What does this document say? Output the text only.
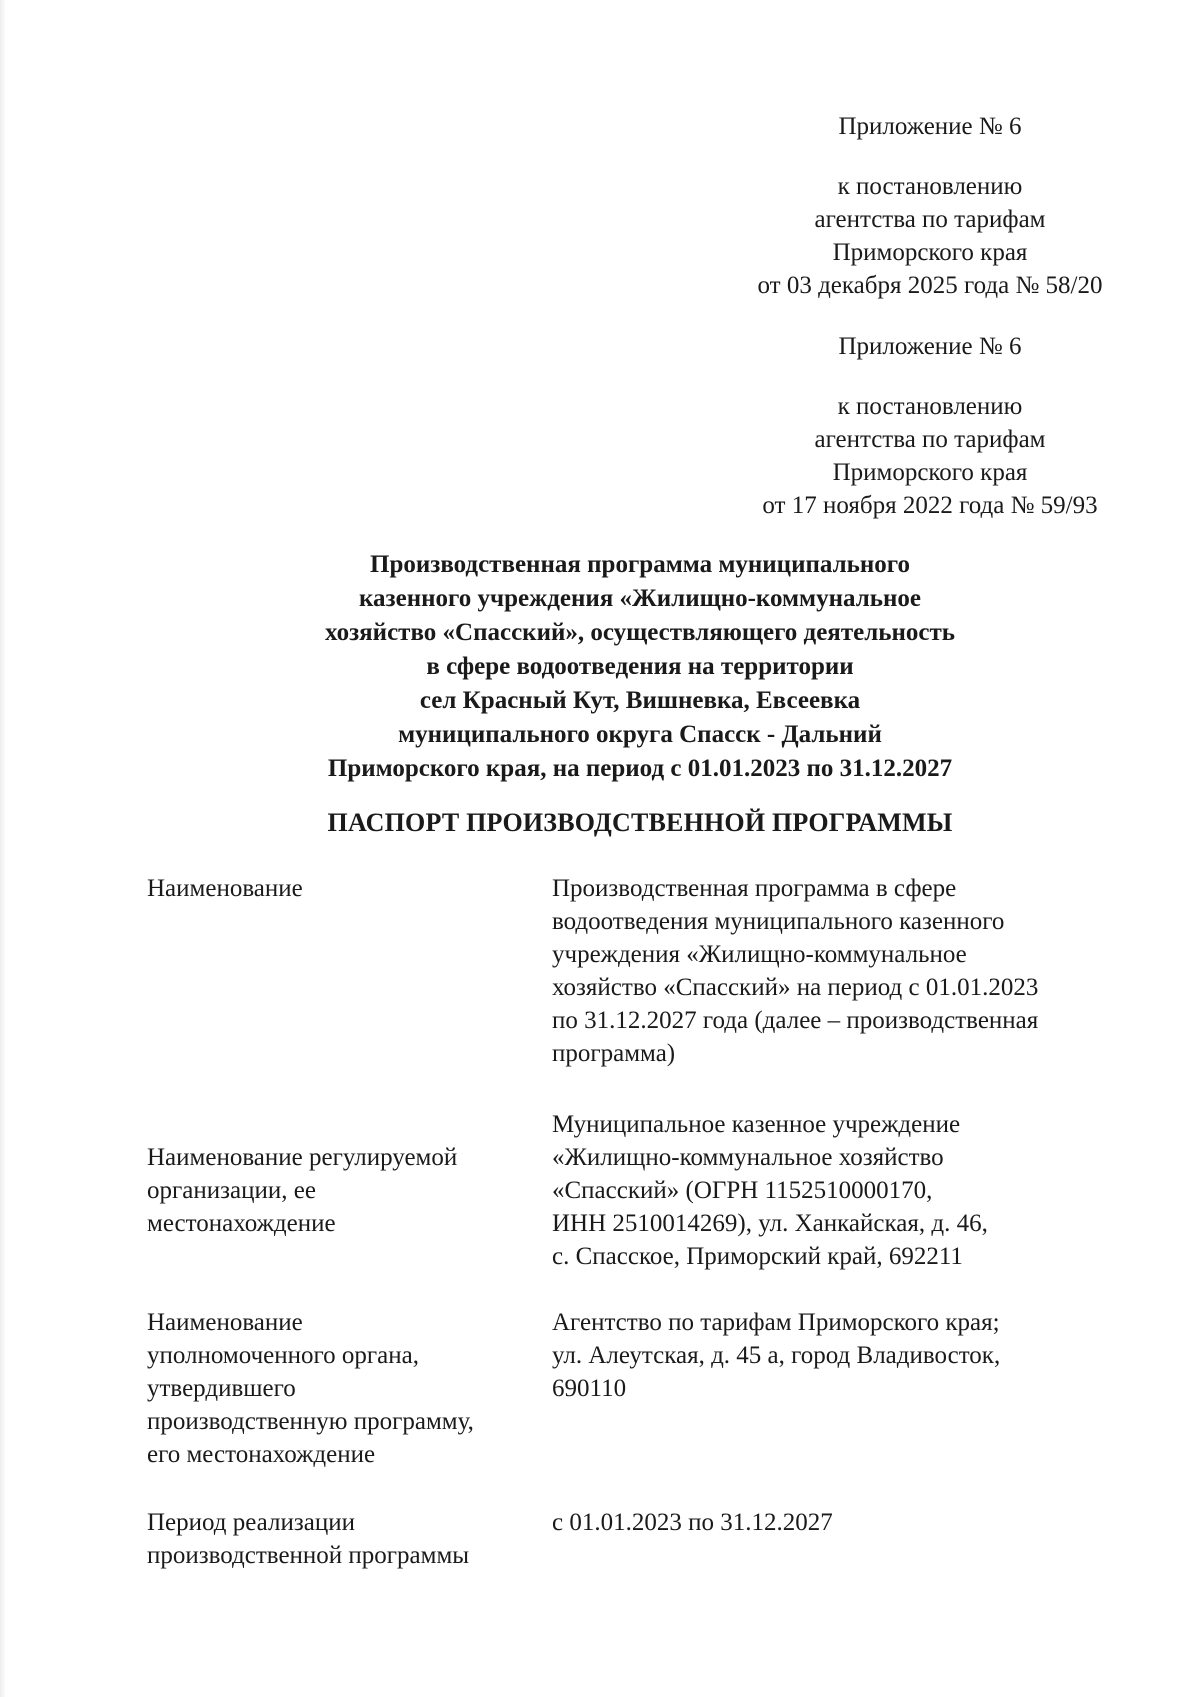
Приложение № 6
к постановлению
агентства по тарифам
Приморского края
от 03 декабря 2025 года № 58/20
Приложение № 6
к постановлению
агентства по тарифам
Приморского края
от 17 ноября 2022 года № 59/93
Производственная программа муниципального
казенного учреждения «Жилищно-коммунальное
хозяйство «Спасский», осуществляющего деятельность
в сфере водоотведения на территории
сел Красный Кут, Вишневка, Евсеевка
муниципального округа Спасск - Дальний
Приморского края, на период с 01.01.2023 по 31.12.2027
ПАСПОРТ ПРОИЗВОДСТВЕННОЙ ПРОГРАММЫ
Наименование	Производственная программа в сфере
водоотведения муниципального казенного
учреждения «Жилищно-коммунальное
хозяйство «Спасский» на период с 01.01.2023
по 31.12.2027 года (далее – производственная
программа)
Наименование регулируемой
организации, ее
местонахождение
Муниципальное казенное учреждение
«Жилищно-коммунальное хозяйство
«Спасский» (ОГРН 1152510000170,
ИНН 2510014269), ул. Ханкайская, д. 46,
с. Спасское, Приморский край, 692211
Наименование
уполномоченного органа,
утвердившего
производственную программу,
его местонахождение
Агентство по тарифам Приморского края;
ул. Алеутская, д. 45 а, город Владивосток,
690110
Период реализации
производственной программы
с 01.01.2023 по 31.12.2027
